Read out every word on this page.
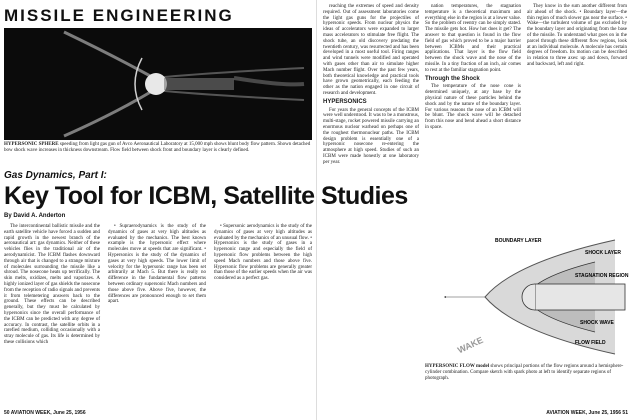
MISSILE ENGINEERING
HYPERSONIC SPHERE speeding from light gas gun of Avco Aeronautical Laboratory at 15,000 mph shows blunt body flow pattern. Shown detached bow shock wave increases in thickness downstream. Flow field between shock front and boundary layer is clearly defined.
Gas Dynamics, Part I:
Key Tool for ICBM, Satellite Studies
By David A. Anderton

The intercontinental ballistic missile and the earth satellite vehicle have forced a sudden and rapid growth in the newest branch of the aeronautical art: gas dynamics. Neither of these vehicles flies in the traditional air of the aerodynamicist. The ICBM flashes downward through air that is changed to a strange mixture of molecules surrounding the missile like a shroud. The nosecone heats up terrifically. The skin melts, oxidizes, melts and vaporizes. A highly ionized layer of gas shields the nosecone from the reception of radio signals and prevents it from telemetering answers back to the ground. These effects can be described generally, but they must be calculated by hypersonics since the overall performance of the ICBM can be predicted with any degree of accuracy. In contrast, the satellite orbits in a rarefied medium, colliding occasionally with a stray molecule of gas. Its life is determined by these collisions which

• Supraerodynamics is the study of the dynamics of gases at very high altitudes as evaluated by the mechanics. The best known example is the hypersonic effect where molecules move at speeds that are significant. • Hypersonics is the study of the dynamics of gases at very high speeds. The lower limit of velocity for the hypersonic range has been set arbitrarily at Mach 5. But there is really no difference in the fundamental flow patterns between ordinary supersonic Mach numbers and those above five. Above five, however, the differences are pronounced enough to set them apart.

• Supersonic aerodynamics is the study of the dynamics of gases at very high altitudes as evaluated by the mechanics of an unusual flow. • Hypersonics is the study of gases in a hypersonic range and especially the field of hypersonic flow problems between the high speed Mach numbers and those above five. Hypersonic flow problems are generally greater than those of the earlier speeds when the air was considered as a perfect gas.

50 AVIATION WEEK, June 25, 1956

reaching the extremes of speed and density required. Out of assessment laboratories come the light gas guns for the projectiles of hypersonic speeds. From nuclear physics the ideas of accelerators were expanded to larger mass accelerators to stimulate free flight. The shock tube, an old discovery predating the twentieth century, was resurrected and has been developed in a most useful tool. Firing ranges and wind tunnels were modified and operated with gases other than air to simulate higher Mach number flight. Over the past few years, both theoretical knowledge and practical tools have grown geometrically, each feeding the other as the nation engaged in one circuit of research and development.

HYPERSONICS

For years the general concepts of the ICBM were well understood. It was to be a monstrous, multi-stage, rocket powered missile carrying an enormous nuclear warhead on perhaps one of the roughest thermonuclear paths. The ICBM design problem is essentially one of a hypersonic nosecone re-entering the atmosphere at high speed. Studies of such an ICBM were made honestly at one laboratory per year.

nation temperatures, the stagnation temperature is a theoretical maximum and everything else in the region is at a lower value. So the problem of reentry can be simply stated. The missile gets hot. How hot does it get? The answer to that question is found in the flow field of gas which proved to be a major barrier between ICBMs and their practical applications. That layer is the flow field between the shock wave and the nose of the missile. In a tiny fraction of an inch, air comes to rest at the familiar stagnation point.

Through the Shock

The temperature of the nose cone is determined uniquely, at any base by the physical nature of these particles behind the shock and by the nature of the boundary layer. For various reasons the nose of an ICBM will be blunt. The shock wave will be detached from this nose and bend ahead a short distance in space.

They know in the sum another different from air ahead of the shock. • Boundary layer—the thin region of much slower gas near the surface. • Wake—the turbulent volume of gas excluded by the boundary layer and originating from the base of the missile. To understand what goes on in the parcel through these different flow regions, look at an individual molecule. A molecule has certain degrees of freedom. Its motion can be described in relation to three axes: up and down, forward and backward, left and right.

BOUNDARY LAYER
SHOCK LAYER
STAGNATION REGION
SHOCK WAVE
FLOW FIELD
WAKE
HYPERSONIC FLOW model shows principal portions of the flow regions around a hemisphere-cylinder combination. Compare sketch with spark photo at left to identify separate regions of photograph.
AVIATION WEEK, June 25, 1956 51
